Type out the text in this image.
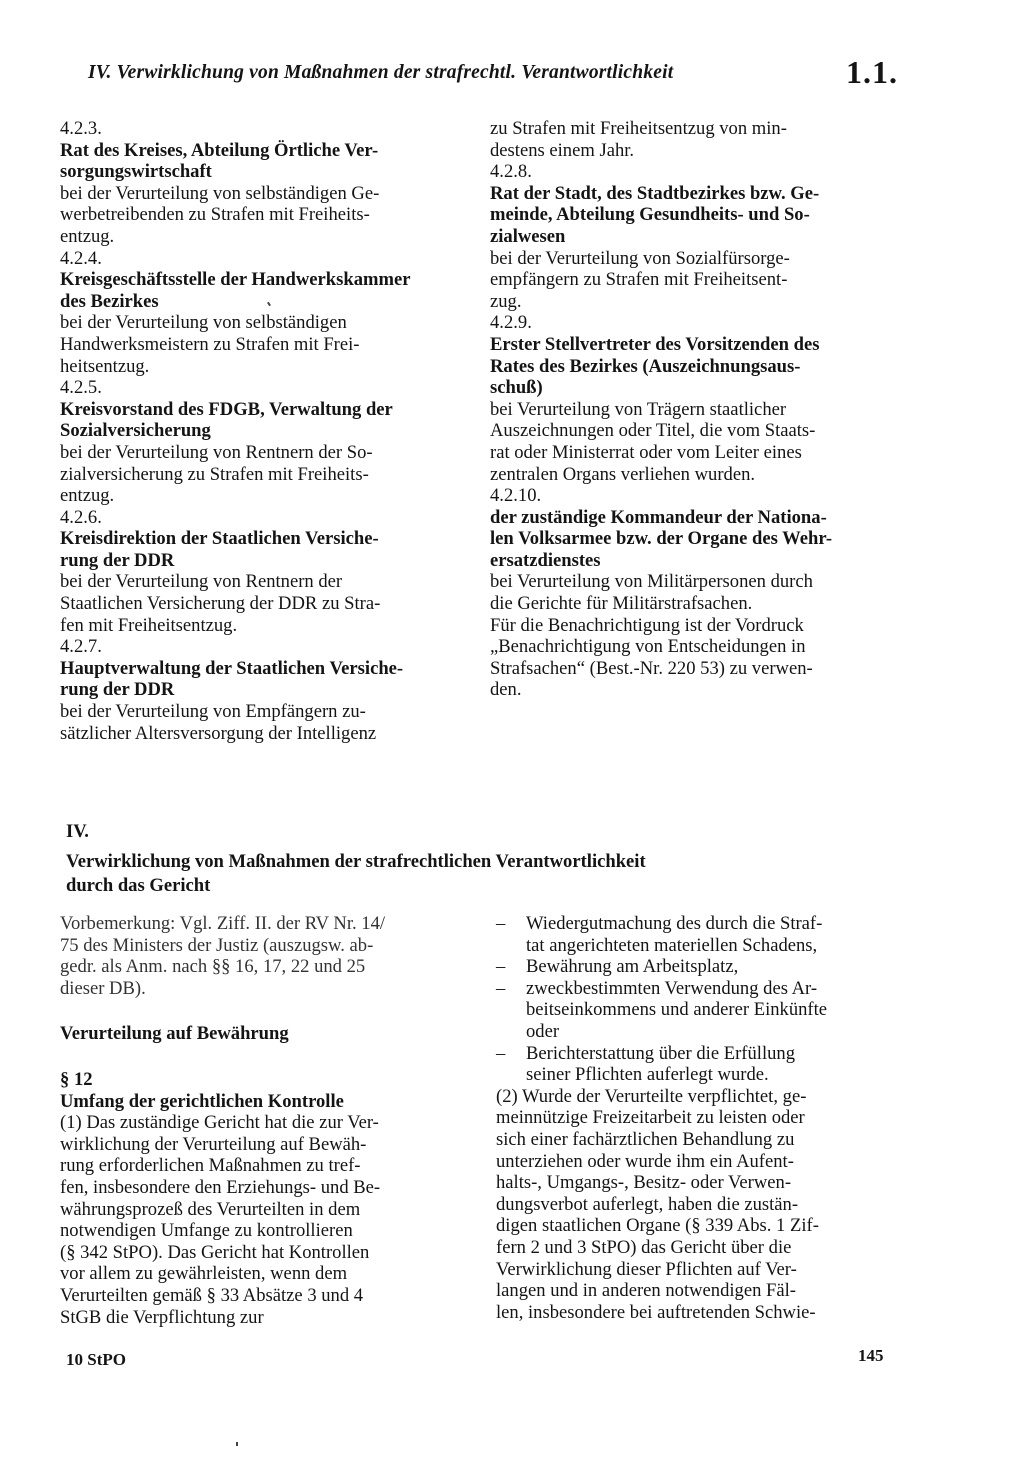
IV. Verwirklichung von Maßnahmen der strafrechtl. Verantwortlichkeit	1.1.

4.2.3.

Rat des Kreises, Abteilung Örtliche Ver-

sorgungswirtschaft

bei der Verurteilung von selbständigen Ge-

werbetreibenden zu Strafen mit Freiheits-

entzug.

4.2.4.

Kreisgeschäftsstelle der Handwerkskammer

des Bezirkes

bei der Verurteilung von selbständigen

Handwerksmeistern zu Strafen mit Frei-

heitsentzug.

4.2.5.

Kreisvorstand des FDGB, Verwaltung der

Sozialversicherung

bei der Verurteilung von Rentnern der So-

zialversicherung zu Strafen mit Freiheits-

entzug.

4.2.6.

Kreisdirektion der Staatlichen Versiche-

rung der DDR

bei der Verurteilung von Rentnern der

Staatlichen Versicherung der DDR zu Stra-

fen mit Freiheitsentzug.

4.2.7.

Hauptverwaltung der Staatlichen Versiche-

rung der DDR

bei der Verurteilung von Empfängern zu-

sätzlicher Altersversorgung der Intelligenz

zu Strafen mit Freiheitsentzug von min-

destens einem Jahr.

4.2.8.

Rat der Stadt, des Stadtbezirkes bzw. Ge-

meinde, Abteilung Gesundheits- und So-

zialwesen

bei der Verurteilung von Sozialfürsorge-

empfängern zu Strafen mit Freiheitsent-

zug.

4.2.9.

Erster Stellvertreter des Vorsitzenden des

Rates des Bezirkes (Auszeichnungsaus-

schuß)

bei Verurteilung von Trägern staatlicher

Auszeichnungen oder Titel, die vom Staats-

rat oder Ministerrat oder vom Leiter eines

zentralen Organs verliehen wurden.

4.2.10.

der zuständige Kommandeur der Nationa-

len Volksarmee bzw. der Organe des Wehr-

ersatzdienstes

bei Verurteilung von Militärpersonen durch

die Gerichte für Militärstrafsachen.

Für die Benachrichtigung ist der Vordruck

„Benachrichtigung von Entscheidungen in

Strafsachen“ (Best.-Nr. 220 53) zu verwen-

den.

IV.

Verwirklichung von Maßnahmen der strafrechtlichen Verantwortlichkeit

durch das Gericht

Vorbemerkung: Vgl. Ziff. II. der RV Nr. 14/

75 des Ministers der Justiz (auszugsw. ab-

gedr. als Anm. nach §§ 16, 17, 22 und 25

dieser DB).

Verurteilung auf Bewährung

§ 12

Umfang der gerichtlichen Kontrolle

(1) Das zuständige Gericht hat die zur Ver-

wirklichung der Verurteilung auf Bewäh-

rung erforderlichen Maßnahmen zu tref-

fen, insbesondere den Erziehungs- und Be-

währungsprozeß des Verurteilten in dem

notwendigen Umfange zu kontrollieren

(§ 342 StPO). Das Gericht hat Kontrollen

vor allem zu gewährleisten, wenn dem

Verurteilten gemäß § 33 Absätze 3 und 4

StGB die Verpflichtung zur

– Wiedergutmachung des durch die Straf-

tat angerichteten materiellen Schadens,

– Bewährung am Arbeitsplatz,

– zweckbestimmten Verwendung des Ar-

beitseinkommens und anderer Einkünfte

oder

– Berichterstattung über die Erfüllung

seiner Pflichten auferlegt wurde.

(2) Wurde der Verurteilte verpflichtet, ge-

meinnützige Freizeitarbeit zu leisten oder

sich einer fachärztlichen Behandlung zu

unterziehen oder wurde ihm ein Aufent-

halts-, Umgangs-, Besitz- oder Verwen-

dungsverbot auferlegt, haben die zustän-

digen staatlichen Organe (§ 339 Abs. 1 Zif-

fern 2 und 3 StPO) das Gericht über die

Verwirklichung dieser Pflichten auf Ver-

langen und in anderen notwendigen Fäl-

len, insbesondere bei auftretenden Schwie-

10 StPO	145
